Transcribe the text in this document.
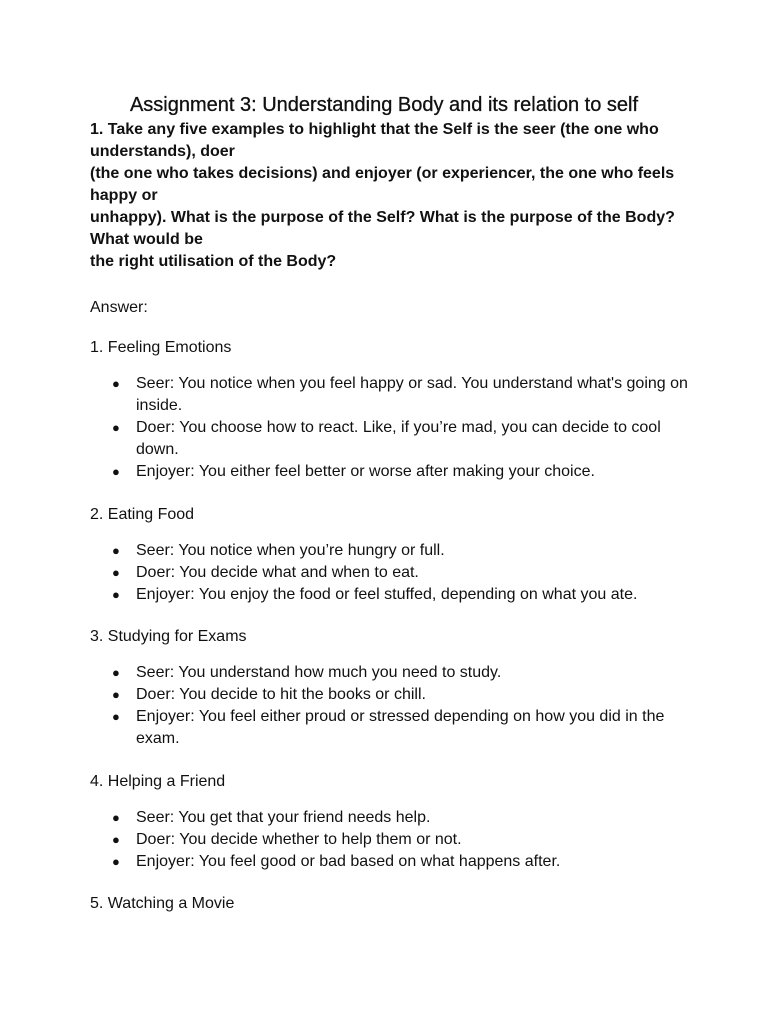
Assignment 3: Understanding Body and its relation to self

1. Take any five examples to highlight that the Self is the seer (the one who understands), doer
(the one who takes decisions) and enjoyer (or experiencer, the one who feels happy or
unhappy). What is the purpose of the Self? What is the purpose of the Body? What would be
the right utilisation of the Body?

Answer:

1. Feeling Emotions

● Seer: You notice when you feel happy or sad. You understand what's going on inside.
● Doer: You choose how to react. Like, if you’re mad, you can decide to cool down.
● Enjoyer: You either feel better or worse after making your choice.

2. Eating Food

● Seer: You notice when you’re hungry or full.
● Doer: You decide what and when to eat.
● Enjoyer: You enjoy the food or feel stuffed, depending on what you ate.

3. Studying for Exams

● Seer: You understand how much you need to study.
● Doer: You decide to hit the books or chill.
● Enjoyer: You feel either proud or stressed depending on how you did in the exam.

4. Helping a Friend

● Seer: You get that your friend needs help.
● Doer: You decide whether to help them or not.
● Enjoyer: You feel good or bad based on what happens after.

5. Watching a Movie
